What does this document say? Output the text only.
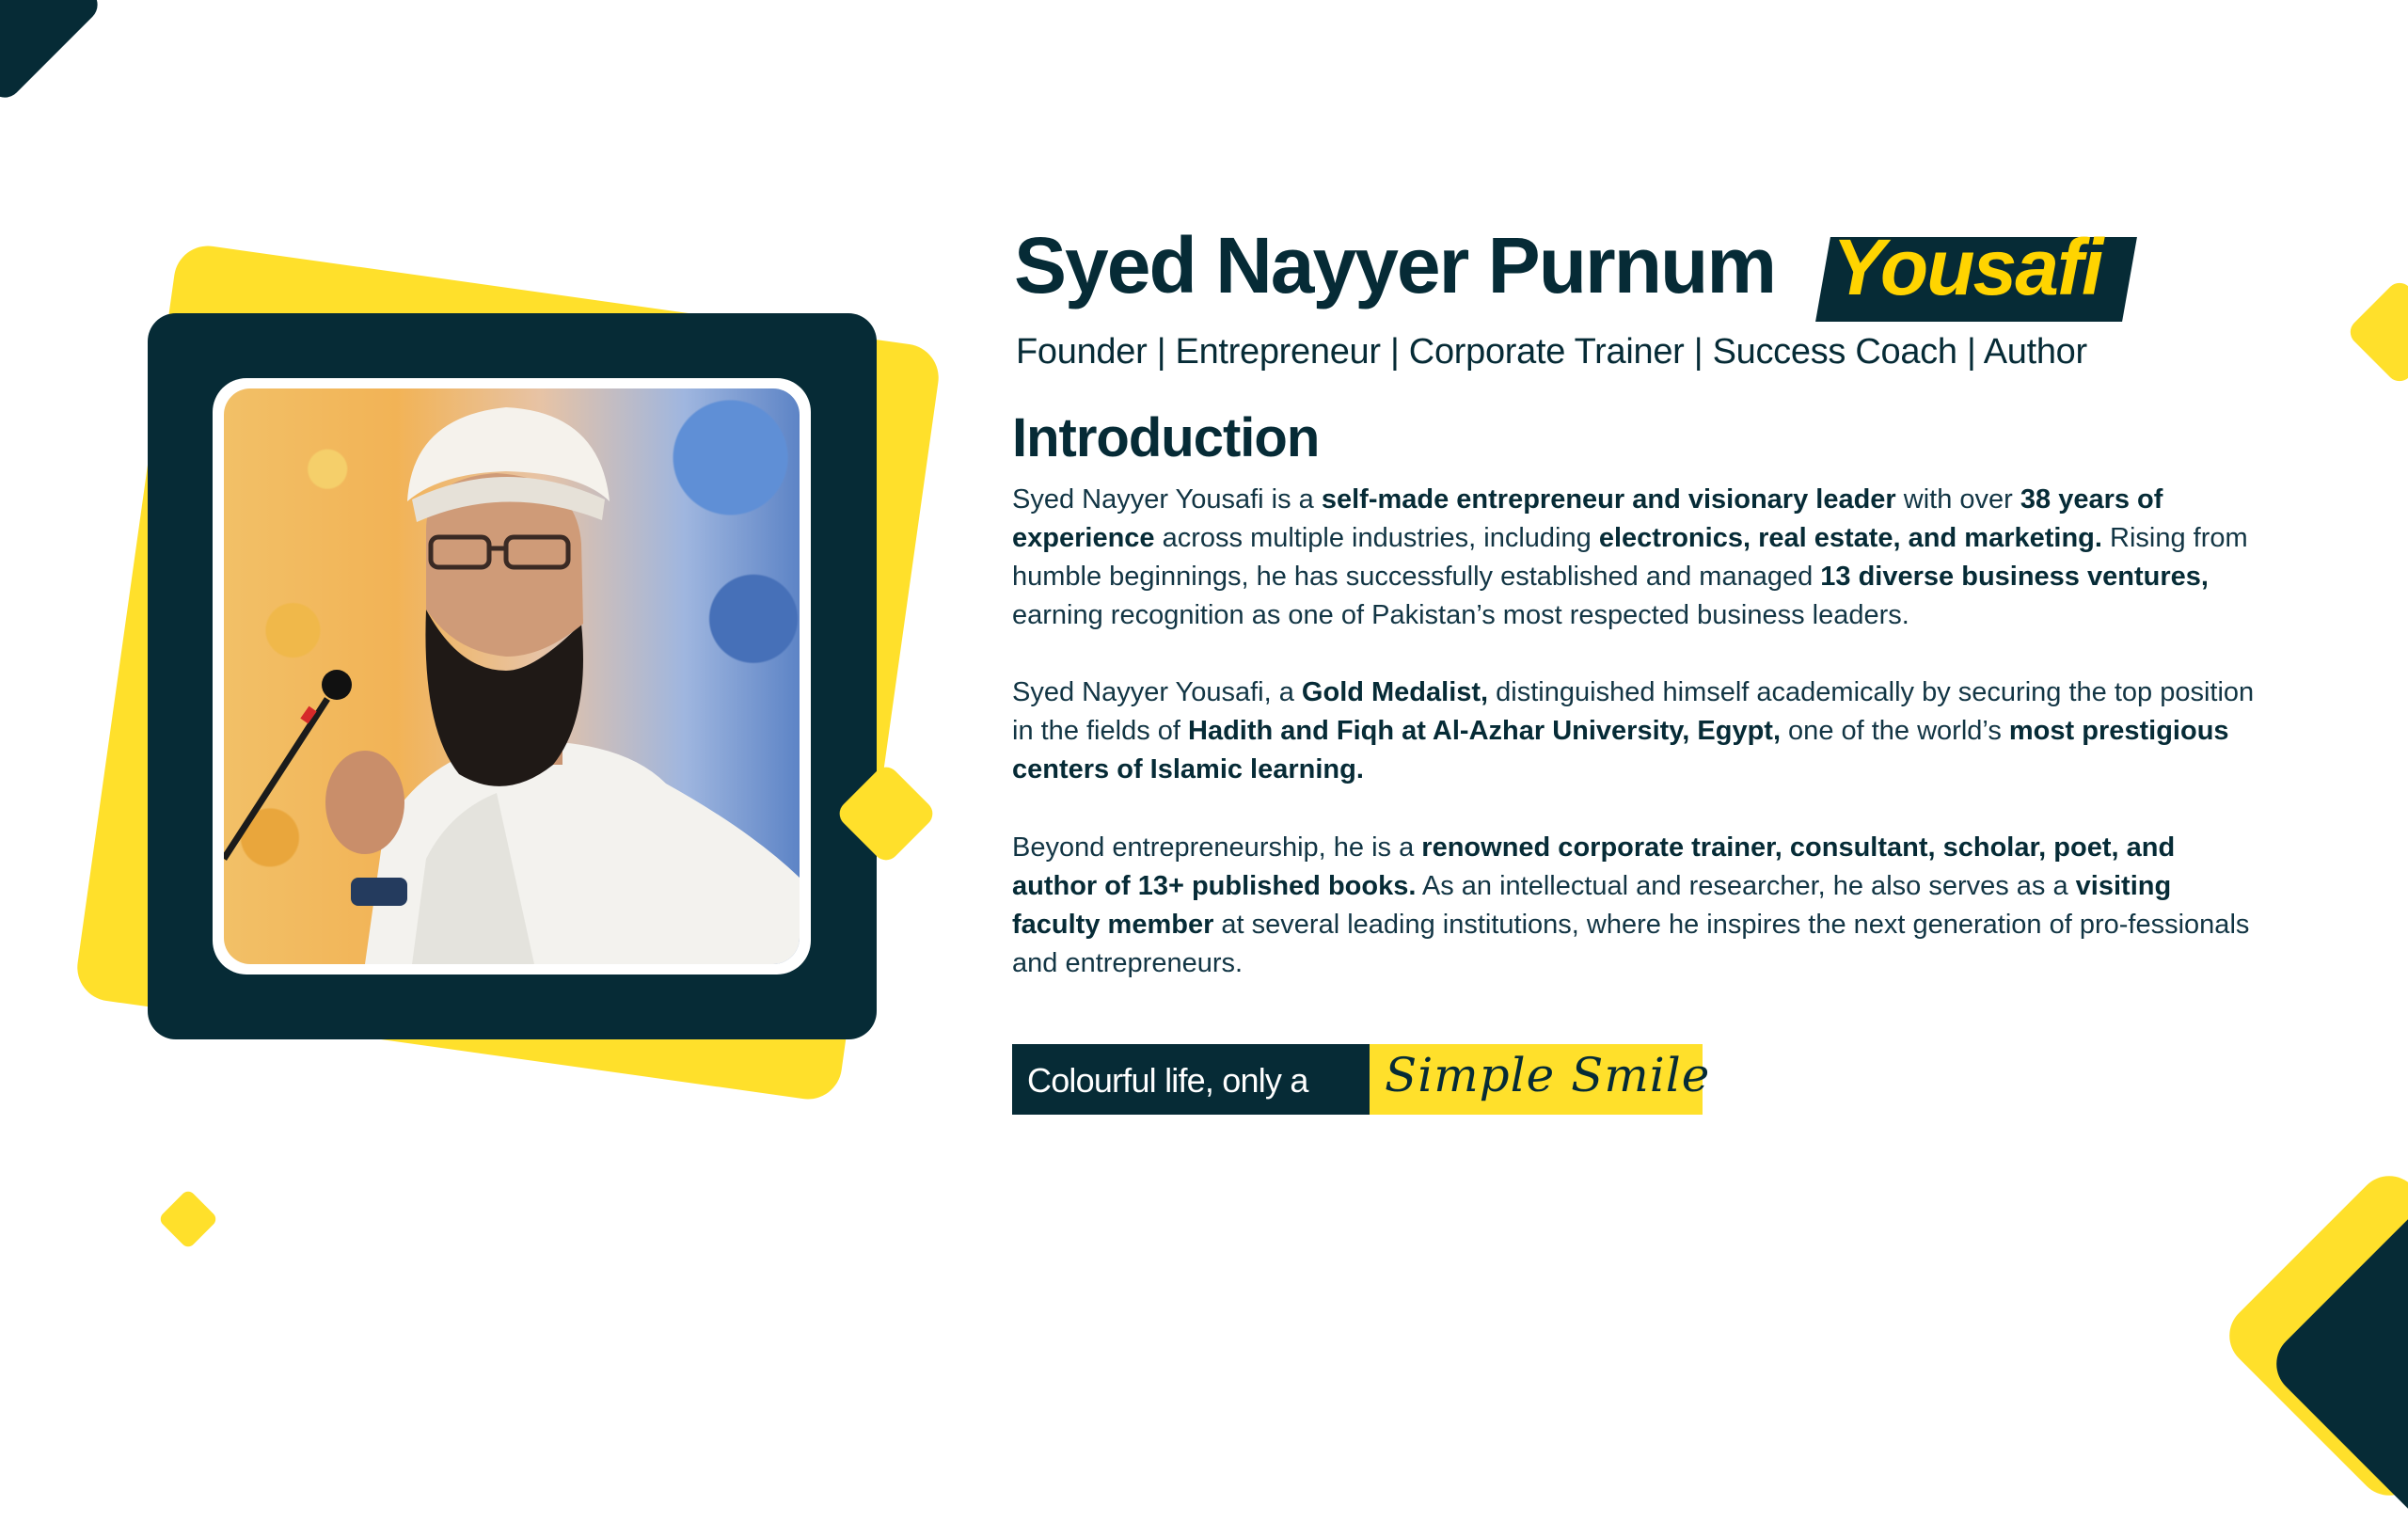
Syed Nayyer Purnum Yousafi
Founder | Entrepreneur | Corporate Trainer | Success Coach | Author
Introduction

Syed Nayyer Yousafi is a self-made entrepreneur and visionary leader with over 38 years of experience across multiple industries, including electronics, real estate, and marketing. Rising from humble beginnings, he has successfully established and managed 13 diverse business ventures, earning recognition as one of Pakistan’s most respected business leaders.

Syed Nayyer Yousafi, a Gold Medalist, distinguished himself academically by securing the top position in the fields of Hadith and Fiqh at Al-Azhar University, Egypt, one of the world’s most prestigious centers of Islamic learning.

Beyond entrepreneurship, he is a renowned corporate trainer, consultant, scholar, poet, and author of 13+ published books. As an intellectual and researcher, he also serves as a visiting faculty member at several leading institutions, where he inspires the next generation of pro-fessionals and entrepreneurs.

Colourful life, only a Simple Smile
